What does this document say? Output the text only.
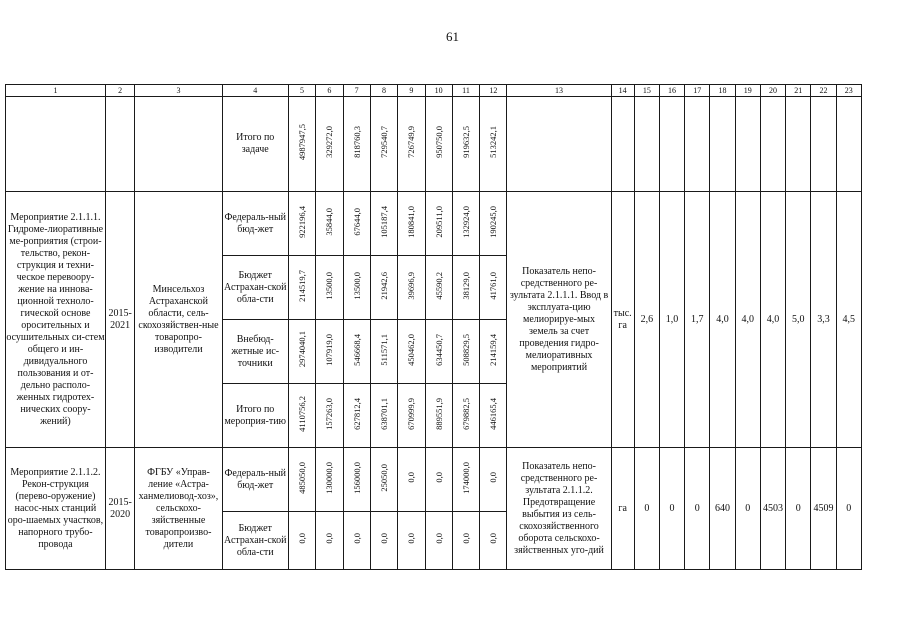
61
1	2	3	4	5	6	7	8	9	10	11	12	13	14	15	16	17	18	19	20	21	22	23
			Итого по задаче	4987947,5	329272,0	818760,3	729540,7	726749,9	950750,0	919632,5	513242,1											
Мероприятие 2.1.1.1. Гидроме-лиоративные ме-роприятия (строи-тельство, рекон-струкция и техни-ческое перевоору-жение на иннова-ционной техноло-гической основе оросительных и осушительных си-стем общего и ин-дивидуального пользования и от-дельно располо-женных гидротех-нических соору-жений)	2015-2021	Минсельхоз Астраханской области, сель-скохозяйствен-ные товаропро-изводители	Федераль-ный бюд-жет	922196,4	35844,0	67644,0	105187,4	180841,0	209511,0	132924,0	190245,0	Показатель непо-средственного ре-зультата 2.1.1.1. Ввод в эксплуата-цию мелиорируе-мых земель за счет проведения гидро-мелиоративных мероприятий	тыс. га	2,6	1,0	1,7	4,0	4,0	4,0	5,0	3,3	4,5
			Бюджет Астрахан-ской обла-сти	214519,7	13500,0	13500,0	21942,6	39696,9	45590,2	38129,0	41761,0											
			Внебюд-жетные ис-точники	2974040,1	107919,0	546668,4	511571,1	450462,0	634450,7	508829,5	214159,4											
			Итого по мероприя-тию	4110756,2	157263,0	627812,4	638701,1	670999,9	889551,9	679882,5	446165,4											
Мероприятие 2.1.1.2. Рекон-струкция (перево-оружение) насос-ных станций оро-шаемых участков, напорного трубо-провода	2015-2020	ФГБУ «Управ-ление «Астра-ханмелиовод-хоз», сельскохо-зяйственные товаропроизво-дители	Федераль-ный бюд-жет	485050,0	130000,0	156000,0	25050,0	0,0	0,0	174000,0	0,0	Показатель непо-средственного ре-зультата 2.1.1.2. Предотвращение выбытия из сель-скохозяйственного оборота сельскохо-зяйственных уго-дий	га	0	0	0	640	0	4503	0	4509	0
			Бюджет Астрахан-ской обла-сти	0,0	0,0	0,0	0,0	0,0	0,0	0,0	0,0											
